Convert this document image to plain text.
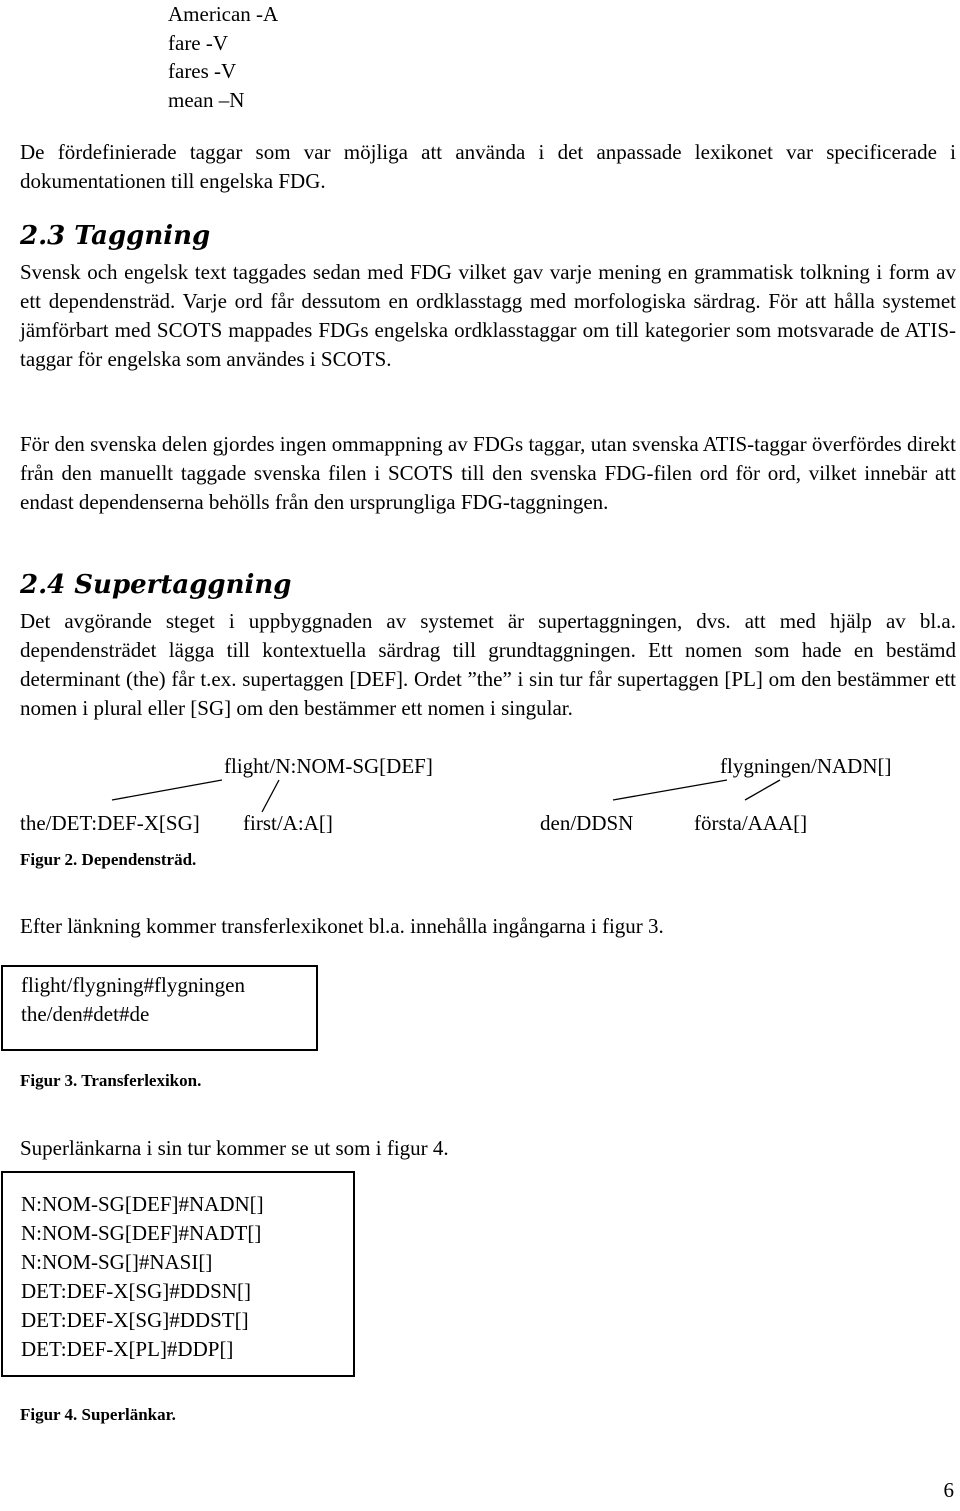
American -A
fare -V
fares -V
mean –N
De fördefinierade taggar som var möjliga att använda i det anpassade lexikonet var specificerade i dokumentationen till engelska FDG.
2.3 Taggning
Svensk och engelsk text taggades sedan med FDG vilket gav varje mening en grammatisk tolkning i form av ett dependensträd. Varje ord får dessutom en ordklasstagg med morfologiska särdrag. För att hålla systemet jämförbart med SCOTS mappades FDGs engelska ordklasstaggar om till kategorier som motsvarade de ATIS-taggar för engelska som användes i SCOTS.
För den svenska delen gjordes ingen ommappning av FDGs taggar, utan svenska ATIS-taggar överfördes direkt från den manuellt taggade svenska filen i SCOTS till den svenska FDG-filen ord för ord, vilket innebär att endast dependenserna behölls från den ursprungliga FDG-taggningen.
2.4 Supertaggning
Det avgörande steget i uppbyggnaden av systemet är supertaggningen, dvs. att med hjälp av bl.a. dependensträdet lägga till kontextuella särdrag till grundtaggningen. Ett nomen som hade en bestämd determinant (the) får t.ex. supertaggen [DEF]. Ordet ”the” i sin tur får supertaggen [PL] om den bestämmer ett nomen i plural eller [SG] om den bestämmer ett nomen i singular.
flight/N:NOM-SG[DEF]
the/DET:DEF-X[SG] first/A:A[]
flygningen/NADN[]
den/DDSN	första/AAA[]
Figur 2. Dependensträd.
Efter länkning kommer transferlexikonet bl.a. innehålla ingångarna i figur 3.
flight/flygning#flygningen
the/den#det#de
Figur 3. Transferlexikon.
Superlänkarna i sin tur kommer se ut som i figur 4.
N:NOM-SG[DEF]#NADN[]
N:NOM-SG[DEF]#NADT[]
N:NOM-SG[]#NASI[]
DET:DEF-X[SG]#DDSN[]
DET:DEF-X[SG]#DDST[]
DET:DEF-X[PL]#DDP[]
Figur 4. Superlänkar.
6
